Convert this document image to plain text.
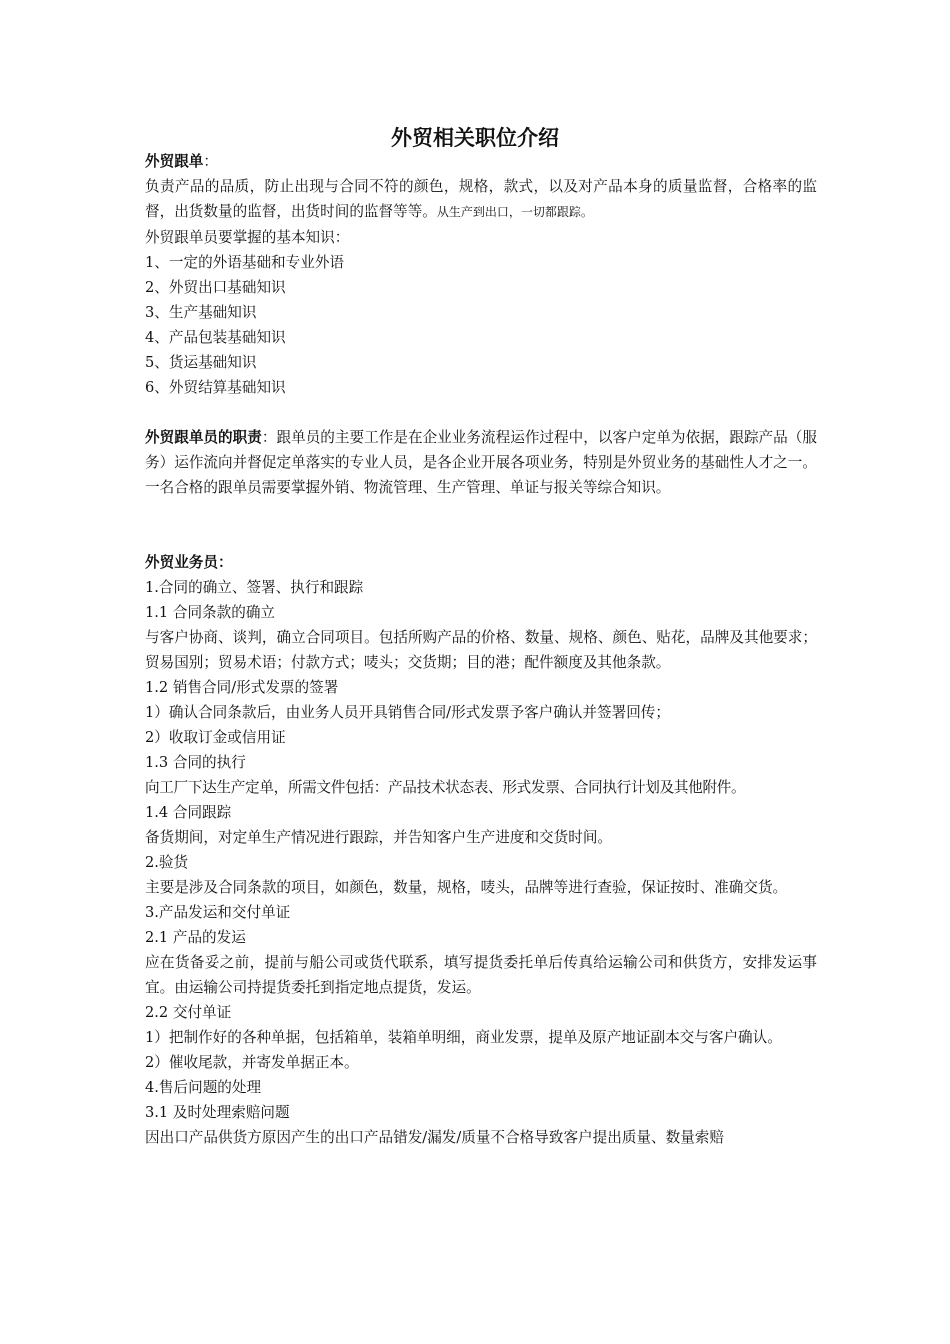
外贸相关职位介绍

外贸跟单：

负责产品的品质，防止出现与合同不符的颜色，规格，款式，以及对产品本身的质量监督，合格率的监督，出货数量的监督，出货时间的监督等等。从生产到出口，一切都跟踪。

外贸跟单员要掌握的基本知识：

1、一定的外语基础和专业外语

2、外贸出口基础知识

3、生产基础知识

4、产品包装基础知识

5、货运基础知识

6、外贸结算基础知识

外贸跟单员的职责：跟单员的主要工作是在企业业务流程运作过程中，以客户定单为依据，跟踪产品（服务）运作流向并督促定单落实的专业人员，是各企业开展各项业务，特别是外贸业务的基础性人才之一。一名合格的跟单员需要掌握外销、物流管理、生产管理、单证与报关等综合知识。

外贸业务员：

1.合同的确立、签署、执行和跟踪

1.1 合同条款的确立

与客户协商、谈判，确立合同项目。包括所购产品的价格、数量、规格、颜色、贴花，品牌及其他要求；贸易国别；贸易术语；付款方式；唛头；交货期；目的港；配件额度及其他条款。

1.2 销售合同/形式发票的签署

1）确认合同条款后，由业务人员开具销售合同/形式发票予客户确认并签署回传；

2）收取订金或信用证

1.3 合同的执行

向工厂下达生产定单，所需文件包括：产品技术状态表、形式发票、合同执行计划及其他附件。

1.4 合同跟踪

备货期间，对定单生产情况进行跟踪，并告知客户生产进度和交货时间。

2.验货

主要是涉及合同条款的项目，如颜色，数量，规格，唛头，品牌等进行查验，保证按时、准确交货。

3.产品发运和交付单证

2.1 产品的发运

应在货备妥之前，提前与船公司或货代联系，填写提货委托单后传真给运输公司和供货方，安排发运事宜。由运输公司持提货委托到指定地点提货，发运。

2.2 交付单证

1）把制作好的各种单据，包括箱单，装箱单明细，商业发票，提单及原产地证副本交与客户确认。

2）催收尾款，并寄发单据正本。

4.售后问题的处理

3.1 及时处理索赔问题

因出口产品供货方原因产生的出口产品错发/漏发/质量不合格导致客户提出质量、数量索赔
